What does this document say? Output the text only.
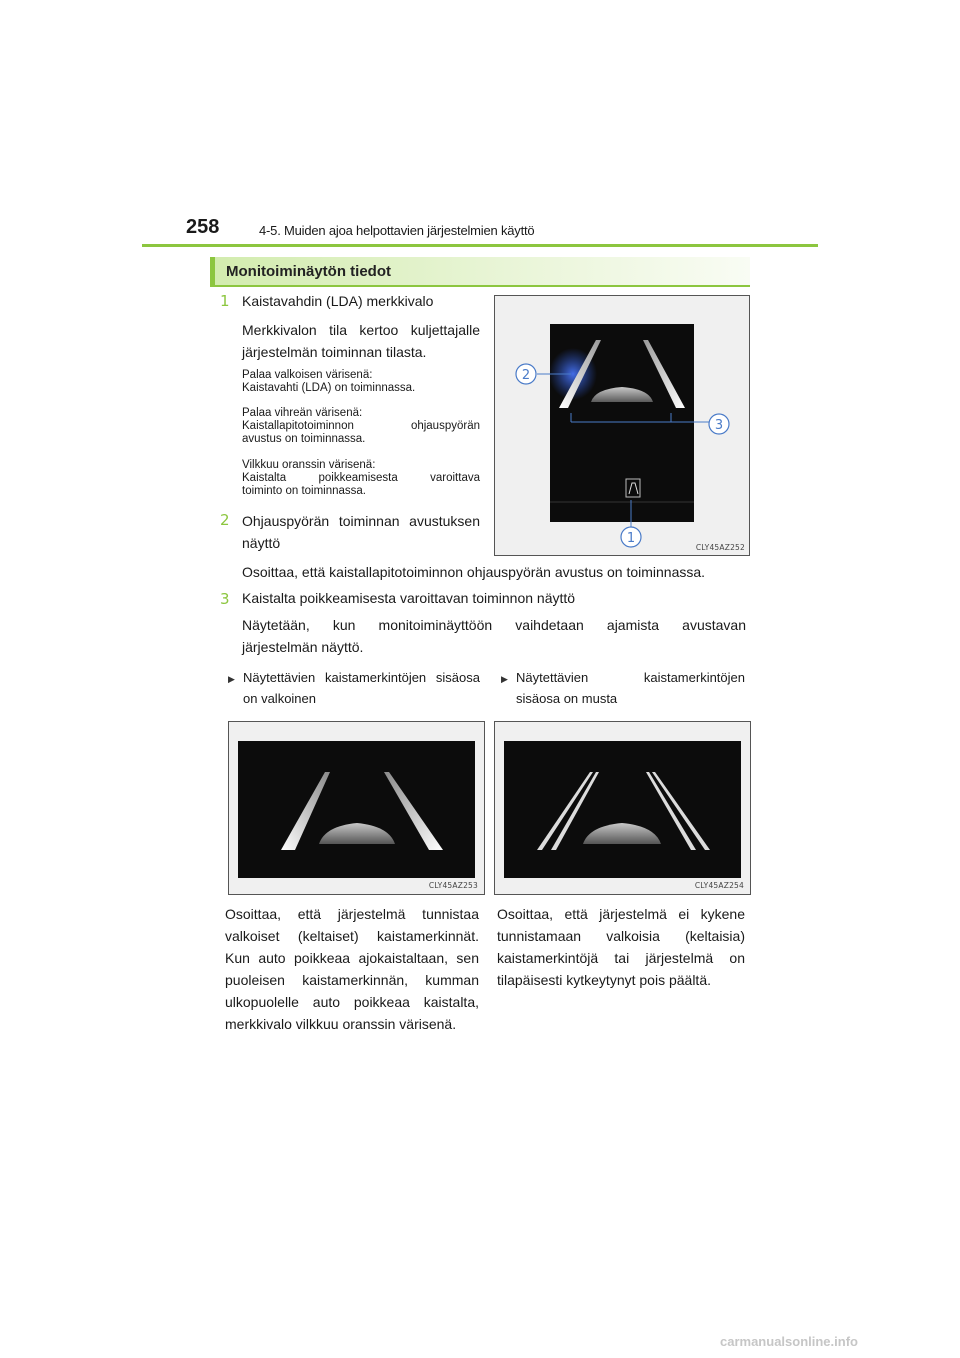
258	4-5. Muiden ajoa helpottavien järjestelmien käyttö
Monitoiminäytön tiedot
1 Kaistavahdin (LDA) merkkivalo
Merkkivalon tila kertoo kuljettajalle
järjestelmän toiminnan tilasta.
Palaa valkoisen värisenä:
Kaistavahti (LDA) on toiminnassa.
Palaa vihreän värisenä:
Kaistallapitotoiminnon ohjauspyörän
avustus on toiminnassa.
Vilkkuu oranssin värisenä:
Kaistalta poikkeamisesta varoittava
toiminto on toiminnassa.
2 Ohjauspyörän toiminnan avustuksen
näyttö
Osoittaa, että kaistallapitotoiminnon ohjauspyörän avustus on toiminnassa.
3 Kaistalta poikkeamisesta varoittavan toiminnon näyttö
Näytetään, kun monitoiminäyttöön vaihdetaan ajamista avustavan
järjestelmän näyttö.
2
3
1
CLY45AZ252
▶ Näytettävien kaistamerkintöjen sisäosa
on valkoinen
▶ Näytettävien kaistamerkintöjen
sisäosa on musta
CLY45AZ253	CLY45AZ254
Osoittaa, että järjestelmä tunnistaa
valkoiset (keltaiset) kaistamerkinnät.
Kun auto poikkeaa ajokaistaltaan, sen
puoleisen kaistamerkinnän, kumman
ulkopuolelle auto poikkeaa kaistalta,
merkkivalo vilkkuu oranssin värisenä.
Osoittaa, että järjestelmä ei kykene
tunnistamaan valkoisia (keltaisia)
kaistamerkintöjä tai järjestelmä on
tilapäisesti kytkeytynyt pois päältä.
carmanualsonline.info
